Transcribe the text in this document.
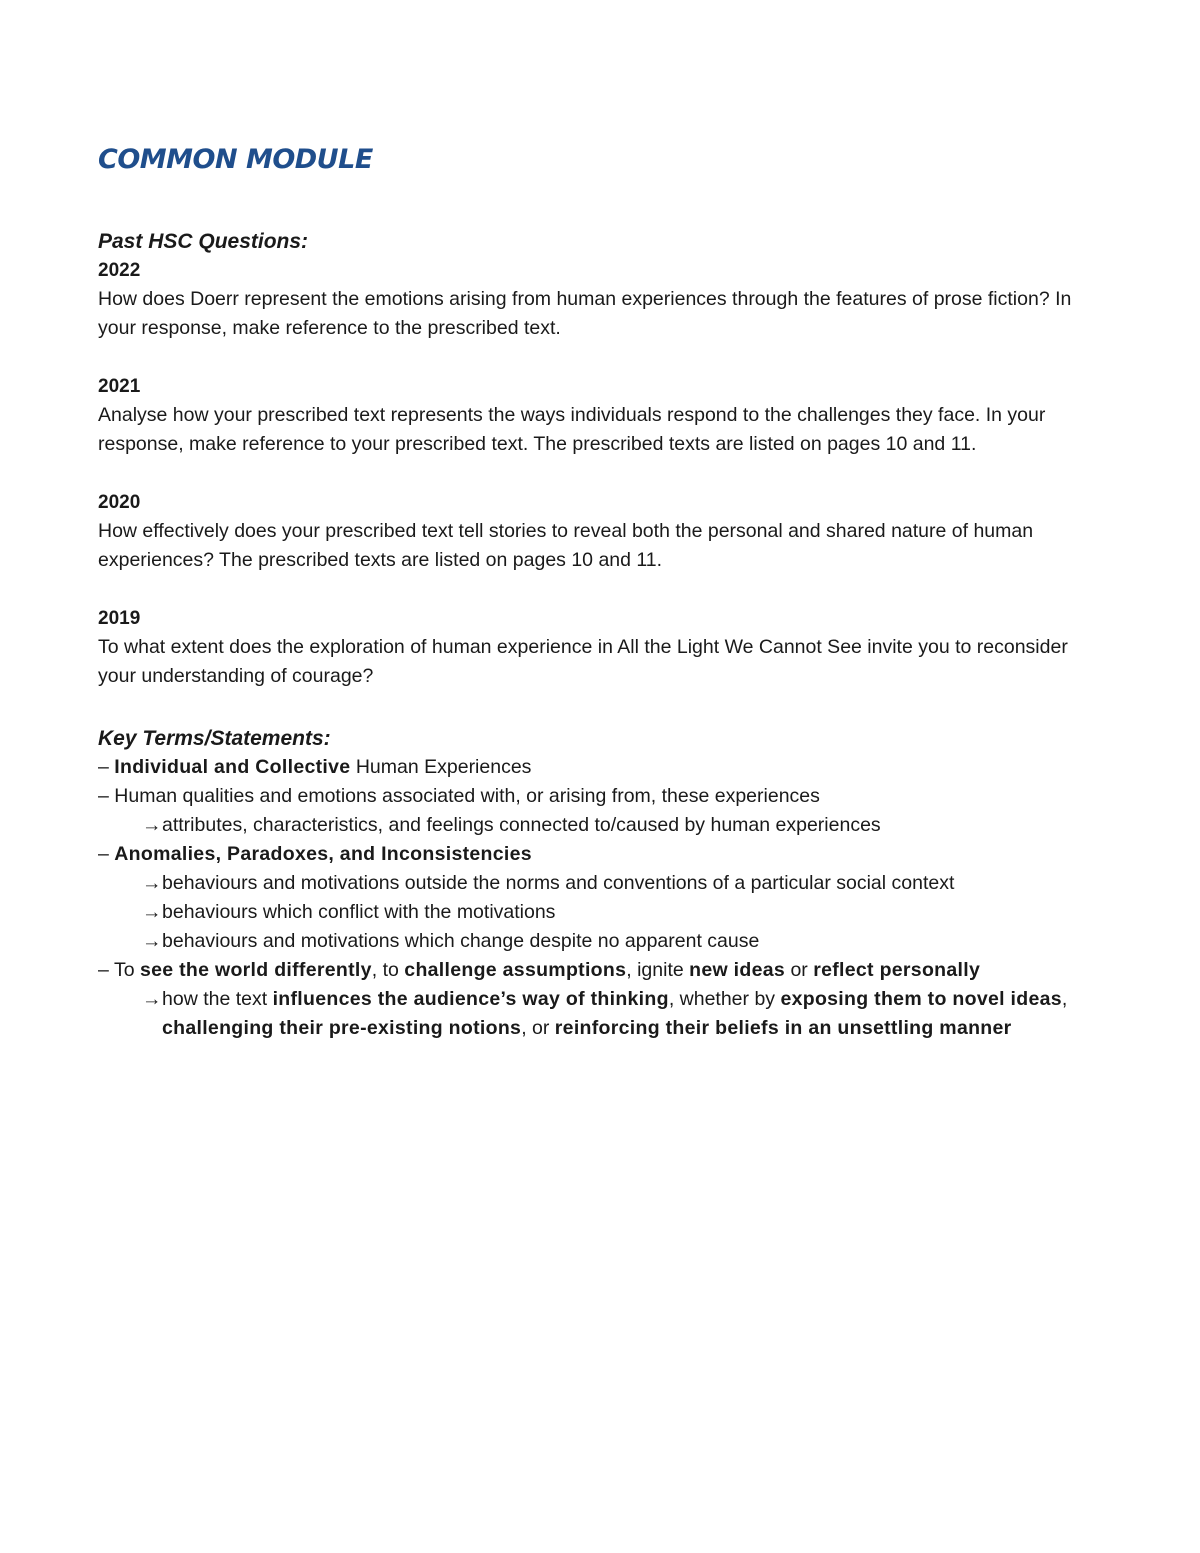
COMMON MODULE
Past HSC Questions:
2022

How does Doerr represent the emotions arising from human experiences through the features of prose fiction? In your response, make reference to the prescribed text.

2021

Analyse how your prescribed text represents the ways individuals respond to the challenges they face. In your response, make reference to your prescribed text. The prescribed texts are listed on pages 10 and 11.

2020

How effectively does your prescribed text tell stories to reveal both the personal and shared nature of human experiences? The prescribed texts are listed on pages 10 and 11.

2019

To what extent does the exploration of human experience in All the Light We Cannot See invite you to reconsider your understanding of courage?

Key Terms/Statements:
– Individual and Collective Human Experiences
– Human qualities and emotions associated with, or arising from, these experiences
→attributes, characteristics, and feelings connected to/caused by human experiences
– Anomalies, Paradoxes, and Inconsistencies
→behaviours and motivations outside the norms and conventions of a particular social context
→behaviours which conflict with the motivations
→behaviours and motivations which change despite no apparent cause
– To see the world differently, to challenge assumptions, ignite new ideas or reflect personally
→how the text influences the audience’s way of thinking, whether by exposing them to novel ideas, challenging their pre-existing notions, or reinforcing their beliefs in an unsettling manner
